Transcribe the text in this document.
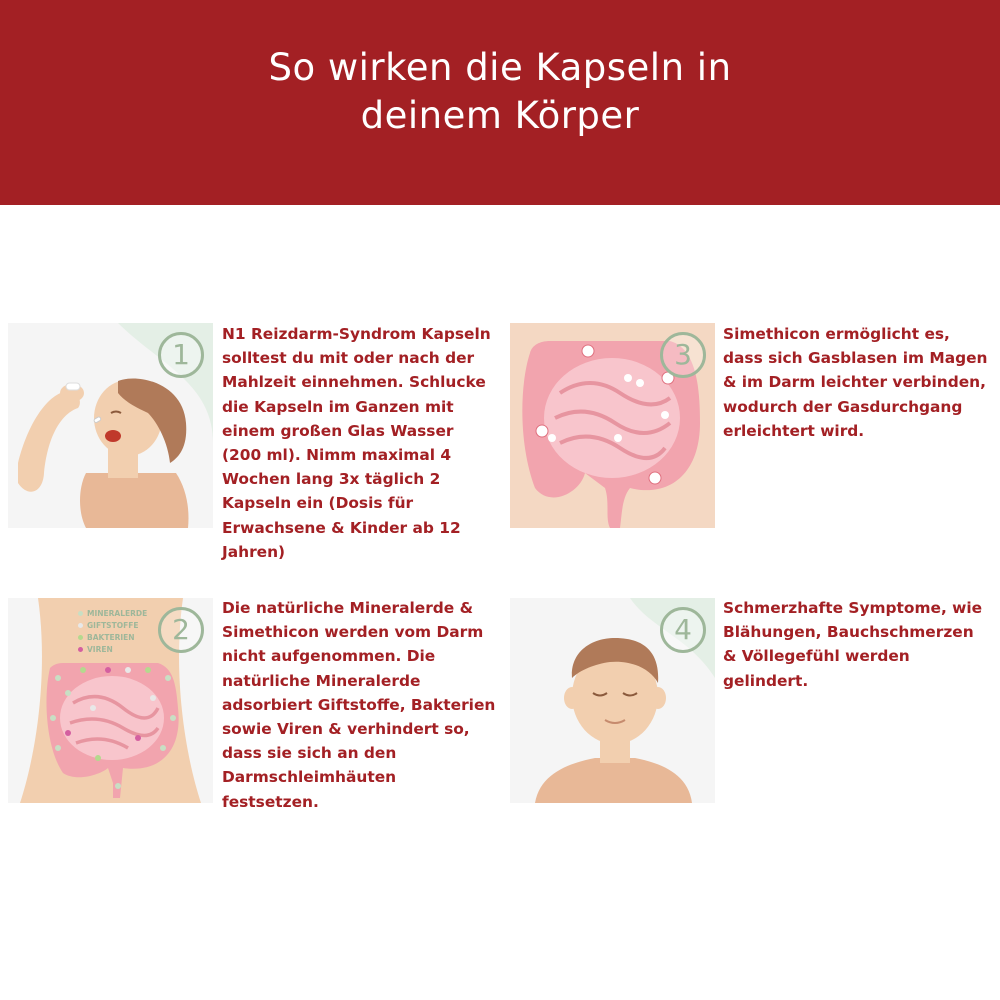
So wirken die Kapseln in
deinem Körper
1
N1 Reizdarm-Syndrom Kapseln solltest du mit oder nach der Mahlzeit einnehmen. Schlucke die Kapseln im Ganzen mit einem großen Glas Wasser (200 ml). Nimm maximal 4 Wochen lang 3x täglich 2 Kapseln ein (Dosis für Erwachsene & Kinder ab 12 Jahren)
3
Simethicon ermöglicht es, dass sich Gasblasen im Magen & im Darm leichter verbinden, wodurch der Gasdurchgang erleichtert wird.
MINERALERDE
GIFTSTOFFE
BAKTERIEN
VIREN
2
Die natürliche Mineralerde & Simethicon werden vom Darm nicht aufgenommen. Die natürliche Mineralerde adsorbiert Giftstoffe, Bakterien sowie Viren & verhindert so, dass sie sich an den Darmschleimhäuten festsetzen.
4
Schmerzhafte Symptome, wie Blähungen, Bauchschmerzen & Völlegefühl werden gelindert.
